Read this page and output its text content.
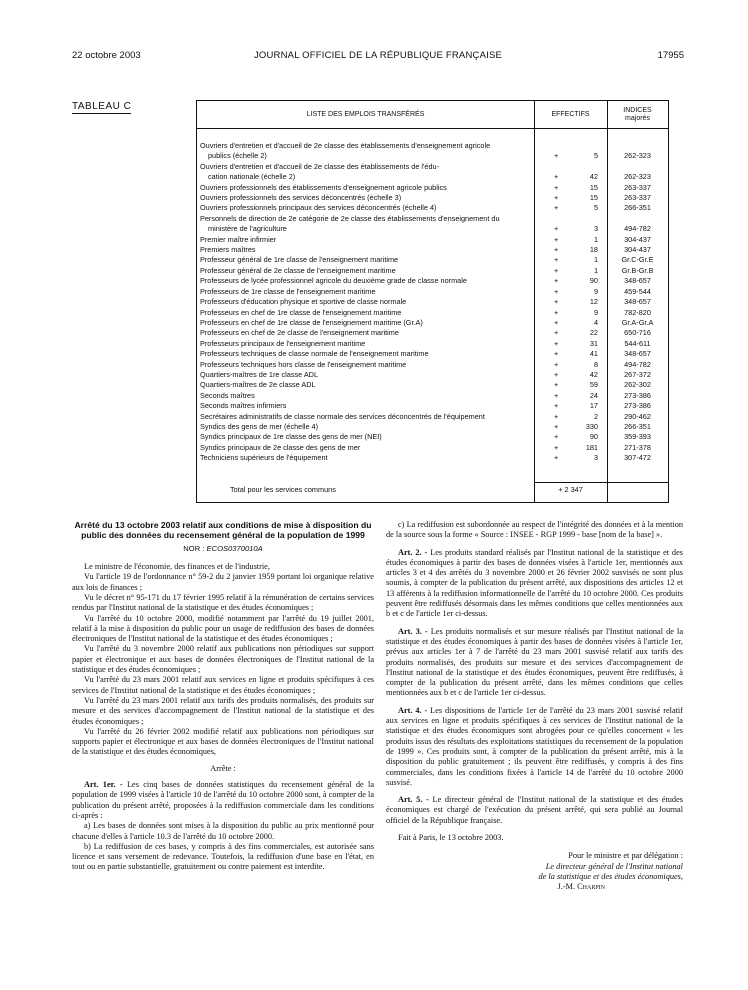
22 octobre 2003	JOURNAL OFFICIEL DE LA RÉPUBLIQUE FRANÇAISE	17955
TABLEAU C
LISTE DES EMPLOIS TRANSFÉRÉS	EFFECTIFS
INDICES
majorés
Ouvriers d'entretien et d'accueil de 2e classe des établissements d'enseignement agricole
publics (échelle 2)	+	5	262-323
Ouvriers d'entretien et d'accueil de 2e classe des établissements de l'édu-
cation nationale (échelle 2)	+	42	262-323
Ouvriers professionnels des établissements d'enseignement agricole publics	+	15	263-337
Ouvriers professionnels des services déconcentrés (échelle 3)	+	15	263-337
Ouvriers professionnels principaux des services déconcentrés (échelle 4)	+	5	266-351
Personnels de direction de 2e catégorie de 2e classe des établissements d'enseignement du
ministère de l'agriculture	+	3	494-782
Premier maître infirmier	+	1	304-437
Premiers maîtres	+	18	304-437
Professeur général de 1re classe de l'enseignement maritime	+	1	Gr.C-Gr.E
Professeur général de 2e classe de l'enseignement maritime	+	1	Gr.B-Gr.B
Professeurs de lycée professionnel agricole du deuxième grade de classe normale	+	90	348-657
Professeurs de 1re classe de l'enseignement maritime	+	9	459-544
Professeurs d'éducation physique et sportive de classe normale	+	12	348-657
Professeurs en chef de 1re classe de l'enseignement maritime	+	9	782-820
Professeurs en chef de 1re classe de l'enseignement maritime (Gr.A)	+	4	Gr.A-Gr.A
Professeurs en chef de 2e classe de l'enseignement maritime	+	22	650-716
Professeurs principaux de l'enseignement maritime	+	31	544-611
Professeurs techniques de classe normale de l'enseignement maritime	+	41	348-657
Professeurs techniques hors classe de l'enseignement maritime	+	8	494-782
Quartiers-maîtres de 1re classe ADL	+	42	267-372
Quartiers-maîtres de 2e classe ADL	+	59	262-302
Seconds maîtres	+	24	273-386
Seconds maîtres infirmiers	+	17	273-386
Secrétaires administratifs de classe normale des services déconcentrés de l'équipement	+	2	290-462
Syndics des gens de mer (échelle 4)	+	330	266-351
Syndics principaux de 1re classe des gens de mer (NEI)	+	90	359-393
Syndics principaux de 2e classe des gens de mer	+	181	271-378
Techniciens supérieurs de l'équipement	+	3	307-472
Total pour les services communs	+ 2 347
Arrêté du 13 octobre 2003 relatif aux conditions de mise à disposition du public des données du recensement général de la population de 1999
NOR : ECOS0370010A

Le ministre de l'économie, des finances et de l'industrie,

Vu l'article 19 de l'ordonnance n° 59-2 du 2 janvier 1959 portant loi organique relative aux lois de finances ;

Vu le décret n° 95-171 du 17 février 1995 relatif à la rémunération de certains services rendus par l'Institut national de la statistique et des études économiques ;

Vu l'arrêté du 10 octobre 2000, modifié notamment par l'arrêté du 19 juillet 2001, relatif à la mise à disposition du public pour un usage de rediffusion des bases de données électroniques de l'Institut national de la statistique et des études économiques ;

Vu l'arrêté du 3 novembre 2000 relatif aux publications non périodiques sur support papier et électronique et aux bases de données électroniques de l'Institut national de la statistique et des études économiques ;

Vu l'arrêté du 23 mars 2001 relatif aux services en ligne et produits spécifiques à ces services de l'Institut national de la statistique et des études économiques ;

Vu l'arrêté du 23 mars 2001 relatif aux tarifs des produits normalisés, des produits sur mesure et des services d'accompagnement de l'Institut national de la statistique et des études économiques ;

Vu l'arrêté du 26 février 2002 modifié relatif aux publications non périodiques sur supports papier et électronique et aux bases de données électroniques de l'Institut national de la statistique et des études économiques,

Arrête :

Art. 1er. - Les cinq bases de données statistiques du recensement général de la population de 1999 visées à l'article 10 de l'arrêté du 10 octobre 2000 sont, à compter de la publication du présent arrêté, proposées à la rediffusion commerciale dans les conditions ci-après :

a) Les bases de données sont mises à la disposition du public au prix mentionné pour chacune d'elles à l'article 10.3 de l'arrêté du 10 octobre 2000.

b) La rediffusion de ces bases, y compris à des fins commerciales, est autorisée sans licence et sans versement de redevance. Toutefois, la rediffusion d'une base en l'état, en tout ou en partie substantielle, gratuitement ou contre paiement est interdite.

c) La rediffusion est subordonnée au respect de l'intégrité des données et à la mention de la source sous la forme « Source : INSEE - RGP 1999 - base [nom de la base] ».

Art. 2. - Les produits standard réalisés par l'Institut national de la statistique et des études économiques à partir des bases de données visées à l'article 1er, mentionnés aux articles 3 et 4 des arrêtés du 3 novembre 2000 et 26 février 2002 susvisés ne sont plus soumis, à compter de la publication du présent arrêté, aux dispositions des articles 12 et 13 afférents à la rediffusion informationnelle de l'arrêté du 10 octobre 2000. Ces produits peuvent être rediffusés désormais dans les mêmes conditions que celles mentionnées aux b et c de l'article 1er ci-dessus.

Art. 3. - Les produits normalisés et sur mesure réalisés par l'Institut national de la statistique et des études économiques à partir des bases de données visées à l'article 1er, prévus aux articles 1er à 7 de l'arrêté du 23 mars 2001 susvisé relatif aux tarifs des produits normalisés, des produits sur mesure et des services d'accompagnement de l'Institut national de la statistique et des études économiques, peuvent être rediffusés, à compter de la publication du présent arrêté, dans les mêmes conditions que celles mentionnées aux b et c de l'article 1er ci-dessus.

Art. 4. - Les dispositions de l'article 1er de l'arrêté du 23 mars 2001 susvisé relatif aux services en ligne et produits spécifiques à ces services de l'Institut national de la statistique et des études économiques sont abrogées pour ce qu'elles concernent « les produits issus des résultats des exploitations statistiques du recensement de la population de 1999 ». Ces produits sont, à compter de la publication du présent arrêté, mis à la disposition du public gratuitement ; ils peuvent être rediffusés, y compris à des fins commerciales, dans les conditions fixées à l'article 14 de l'arrêté du 10 octobre 2000 susvisé.

Art. 5. - Le directeur général de l'Institut national de la statistique et des études économiques est chargé de l'exécution du présent arrêté, qui sera publié au Journal officiel de la République française.

Fait à Paris, le 13 octobre 2003.

Pour le ministre et par délégation :
Le directeur général de l'Institut national
de la statistique et des études économiques,
J.-M. Charpin
